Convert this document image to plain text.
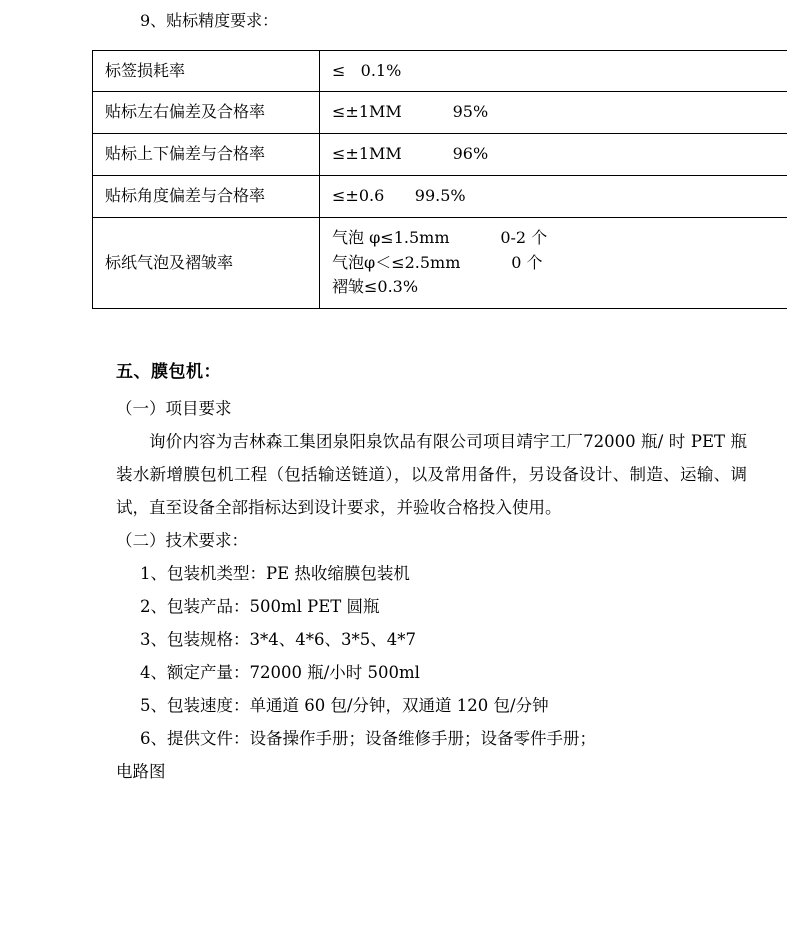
9、贴标精度要求：
标签损耗率	≤   0.1%

贴标左右偏差及合格率	≤±1MM          95%

贴标上下偏差与合格率	≤±1MM          96%

贴标角度偏差与合格率	≤±0.6      99.5%

标纸气泡及褶皱率	气泡 φ≤1.5mm          0-2 个
气泡φ＜≤2.5mm          0 个
褶皱≤0.3%
五、膜包机：

（一）项目要求

询价内容为吉林森工集团泉阳泉饮品有限公司项目靖宇工厂72000 瓶/ 时 PET 瓶装水新增膜包机工程（包括输送链道），以及常用备件，另设备设计、制造、运输、调试，直至设备全部指标达到设计要求，并验收合格投入使用。

（二）技术要求：

1、包装机类型：PE 热收缩膜包装机

2、包装产品：500ml PET 圆瓶

3、包装规格：3*4、4*6、3*5、4*7

4、额定产量：72000 瓶/小时 500ml

5、包装速度：单通道 60 包/分钟，双通道 120 包/分钟

6、提供文件：设备操作手册；设备维修手册；设备零件手册；

电路图
